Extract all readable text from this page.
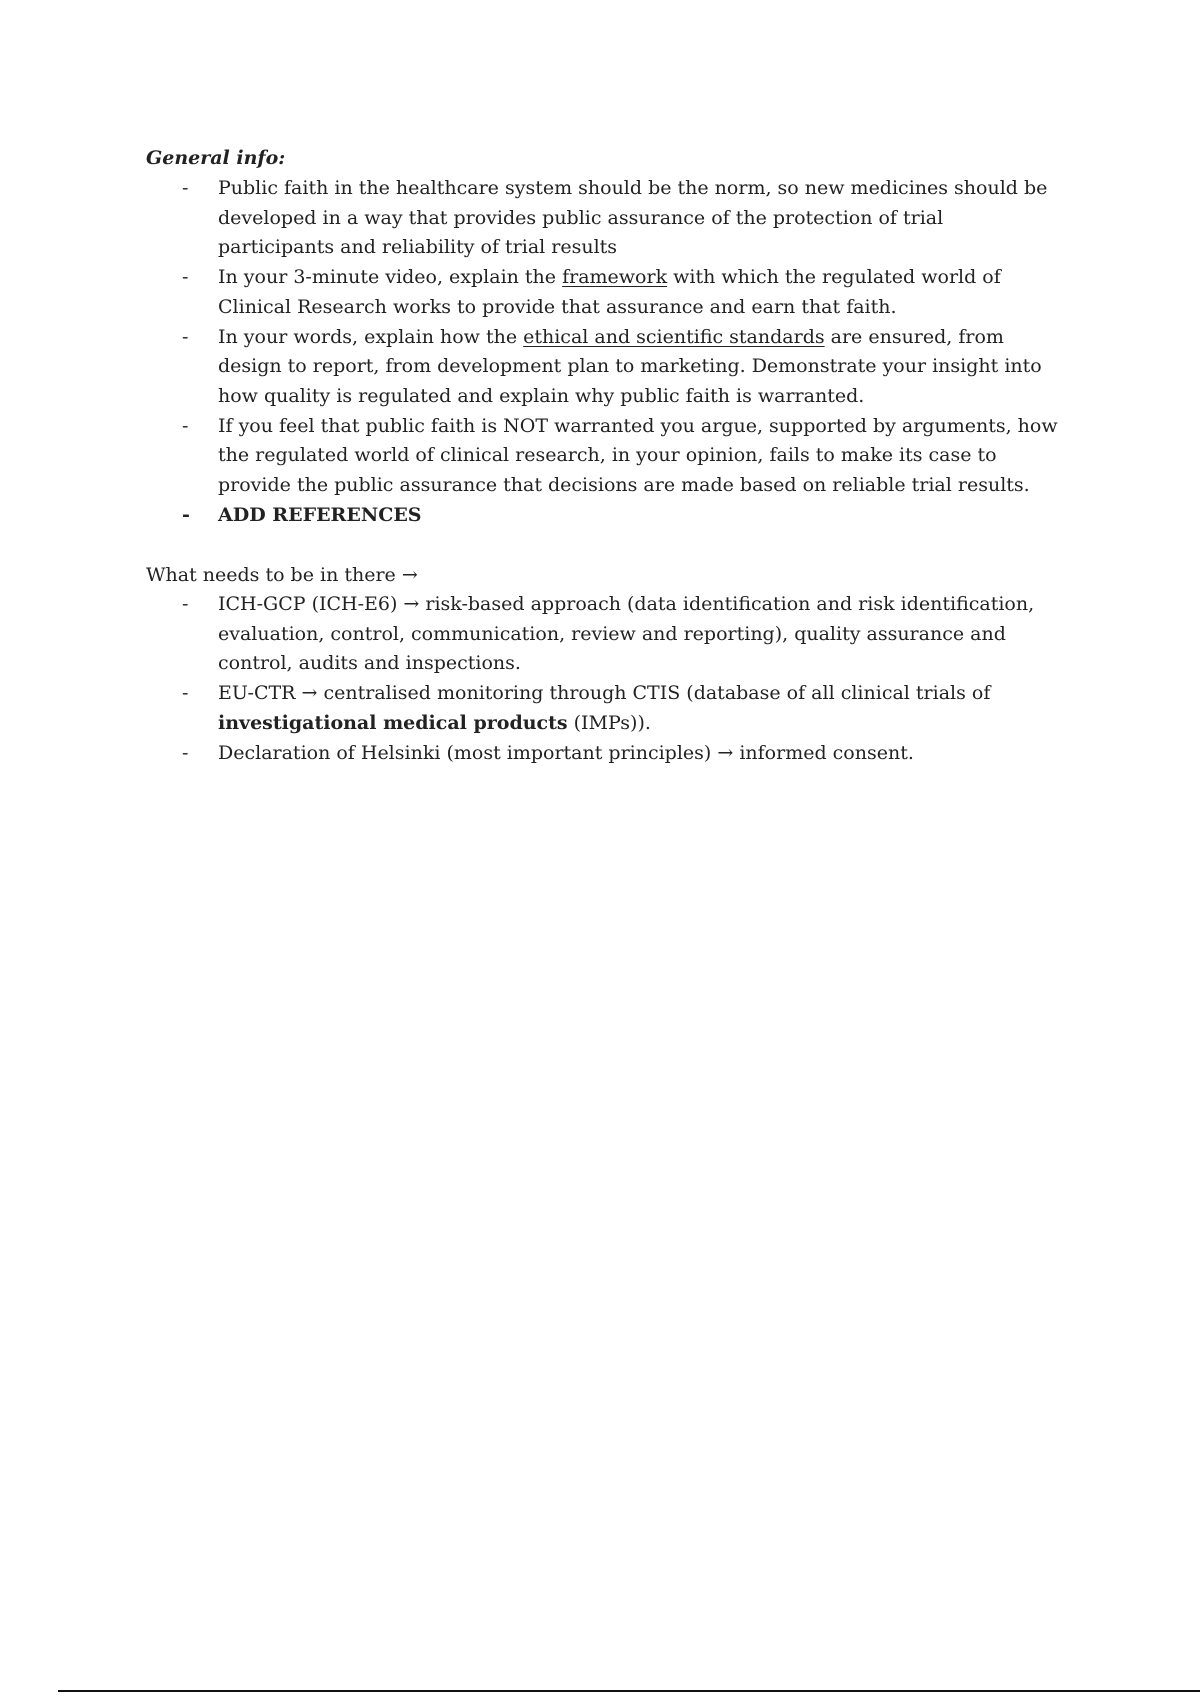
General info:
-	Public faith in the healthcare system should be the norm, so new medicines should be developed in a way that provides public assurance of the protection of trial participants and reliability of trial results
-	In your 3-minute video, explain the framework with which the regulated world of Clinical Research works to provide that assurance and earn that faith.
-	In your words, explain how the ethical and scientific standards are ensured, from design to report, from development plan to marketing. Demonstrate your insight into how quality is regulated and explain why public faith is warranted.
-	If you feel that public faith is NOT warranted you argue, supported by arguments, how the regulated world of clinical research, in your opinion, fails to make its case to provide the public assurance that decisions are made based on reliable trial results.
-	ADD REFERENCES
What needs to be in there →
-	ICH-GCP (ICH-E6) → risk-based approach (data identification and risk identification, evaluation, control, communication, review and reporting), quality assurance and control, audits and inspections.
-	EU-CTR → centralised monitoring through CTIS (database of all clinical trials of investigational medical products (IMPs)).
-	Declaration of Helsinki (most important principles) → informed consent.
